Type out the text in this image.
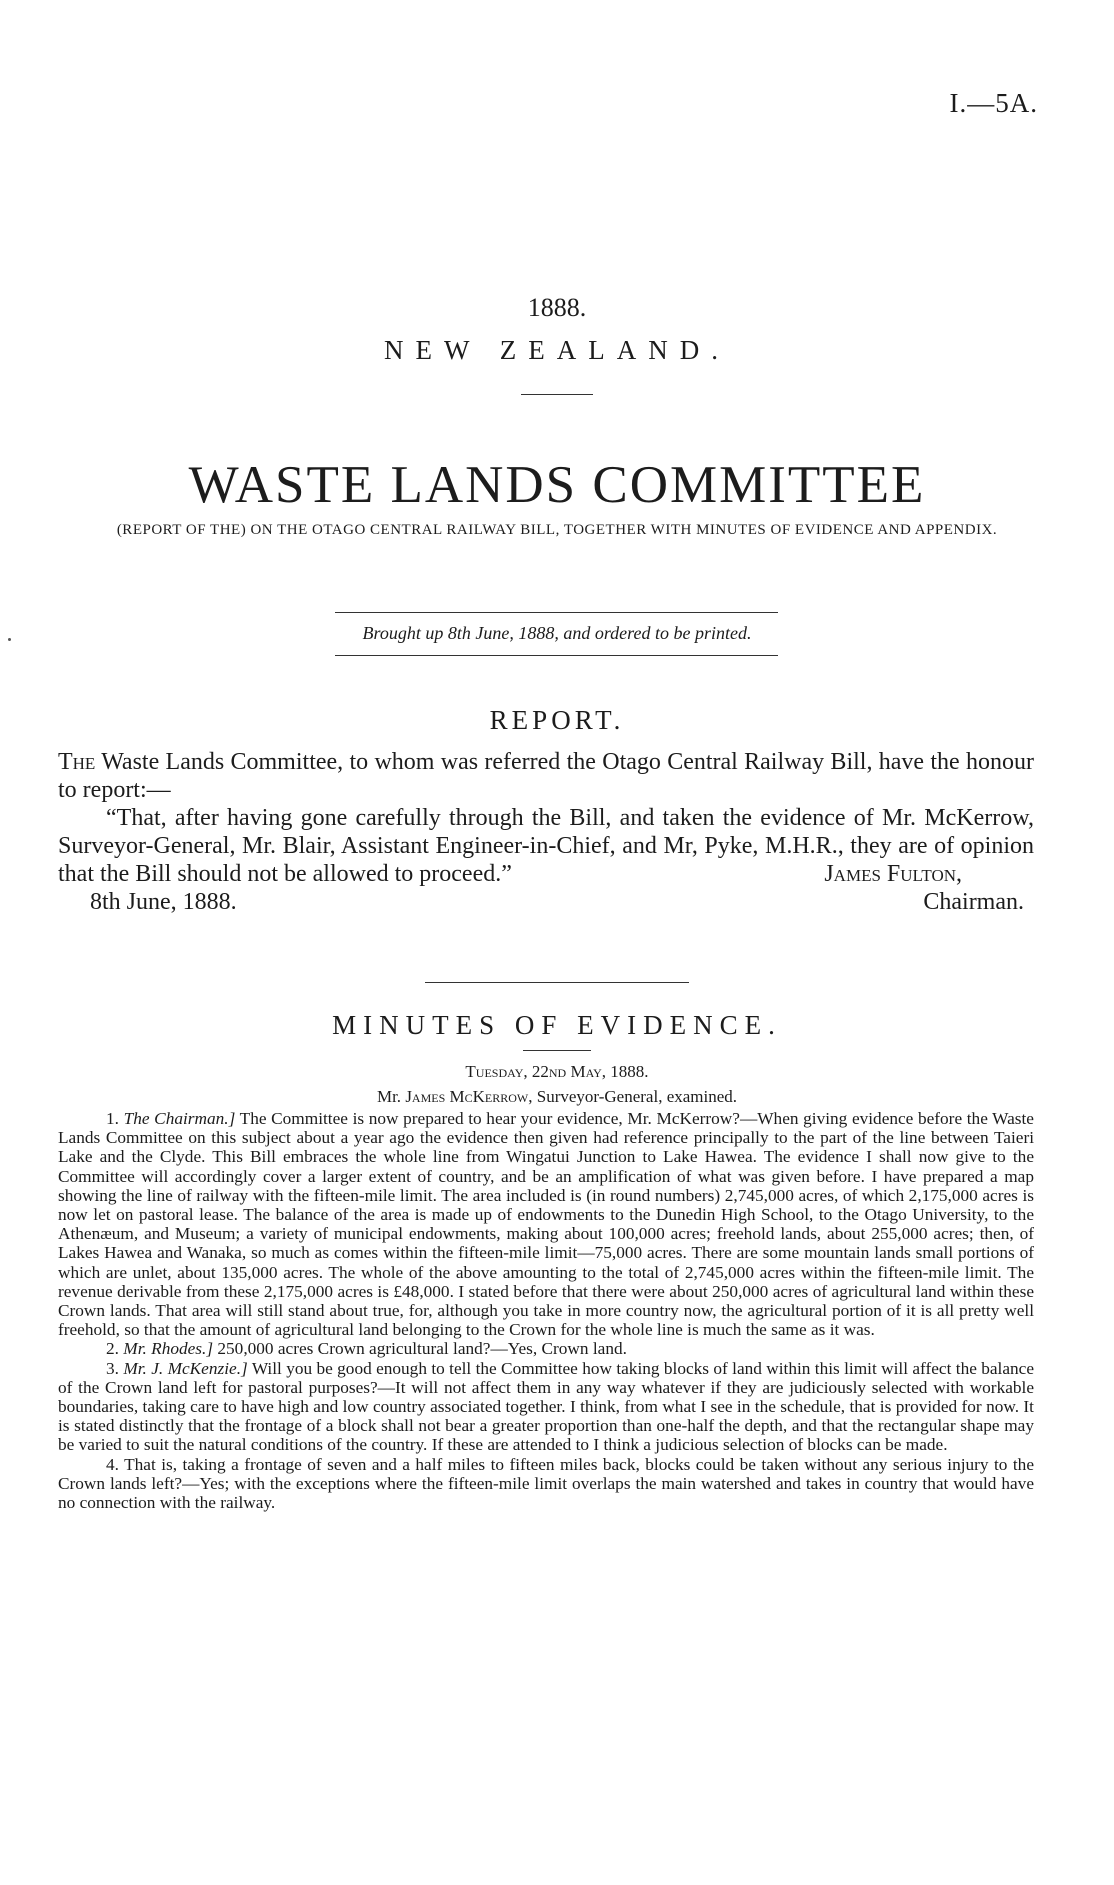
I.—5A.
1888.
NEW ZEALAND.
WASTE LANDS COMMITTEE
(REPORT OF THE) ON THE OTAGO CENTRAL RAILWAY BILL, TOGETHER WITH MINUTES OF EVIDENCE AND APPENDIX.
Brought up 8th June, 1888, and ordered to be printed.
REPORT.

The Waste Lands Committee, to whom was referred the Otago Central Railway Bill, have the honour to report:—

“That, after having gone carefully through the Bill, and taken the evidence of Mr. McKerrow, Surveyor-General, Mr. Blair, Assistant Engineer-in-Chief, and Mr, Pyke, M.H.R., they are of opinion that the Bill should not be allowed to proceed.”	James Fulton,
8th June, 1888.	Chairman.
MINUTES OF EVIDENCE.
Tuesday, 22nd May, 1888.
Mr. James McKerrow, Surveyor-General, examined.

1. The Chairman.] The Committee is now prepared to hear your evidence, Mr. McKerrow?—When giving evidence before the Waste Lands Committee on this subject about a year ago the evidence then given had reference principally to the part of the line between Taieri Lake and the Clyde. This Bill embraces the whole line from Wingatui Junction to Lake Hawea. The evidence I shall now give to the Committee will accordingly cover a larger extent of country, and be an amplification of what was given before. I have prepared a map showing the line of railway with the fifteen-mile limit. The area included is (in round numbers) 2,745,000 acres, of which 2,175,000 acres is now let on pastoral lease. The balance of the area is made up of endowments to the Dunedin High School, to the Otago University, to the Athenæum, and Museum; a variety of municipal endowments, making about 100,000 acres; freehold lands, about 255,000 acres; then, of Lakes Hawea and Wanaka, so much as comes within the fifteen-mile limit—75,000 acres. There are some mountain lands small portions of which are unlet, about 135,000 acres. The whole of the above amounting to the total of 2,745,000 acres within the fifteen-mile limit. The revenue derivable from these 2,175,000 acres is £48,000. I stated before that there were about 250,000 acres of agricultural land within these Crown lands. That area will still stand about true, for, although you take in more country now, the agricultural portion of it is all pretty well freehold, so that the amount of agricultural land belonging to the Crown for the whole line is much the same as it was.

2. Mr. Rhodes.] 250,000 acres Crown agricultural land?—Yes, Crown land.

3. Mr. J. McKenzie.] Will you be good enough to tell the Committee how taking blocks of land within this limit will affect the balance of the Crown land left for pastoral purposes?—It will not affect them in any way whatever if they are judiciously selected with workable boundaries, taking care to have high and low country associated together. I think, from what I see in the schedule, that is provided for now. It is stated distinctly that the frontage of a block shall not bear a greater proportion than one-half the depth, and that the rectangular shape may be varied to suit the natural conditions of the country. If these are attended to I think a judicious selection of blocks can be made.

4. That is, taking a frontage of seven and a half miles to fifteen miles back, blocks could be taken without any serious injury to the Crown lands left?—Yes; with the exceptions where the fifteen-mile limit overlaps the main watershed and takes in country that would have no connection with the railway.
